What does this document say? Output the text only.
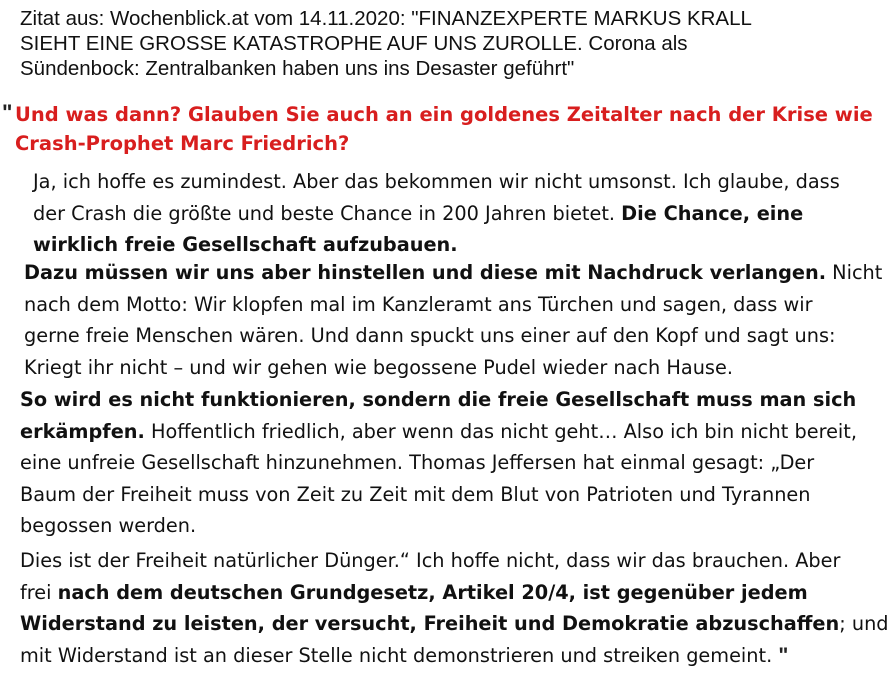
Zitat aus: Wochenblick.at vom 14.11.2020: "FINANZEXPERTE MARKUS KRALL
SIEHT EINE GROSSE KATASTROPHE AUF UNS ZUROLLE. Corona als
Sündenbock: Zentralbanken haben uns ins Desaster geführt"
" Und was dann? Glauben Sie auch an ein goldenes Zeitalter nach der Krise wie
Crash-Prophet Marc Friedrich?
Ja, ich hoffe es zumindest. Aber das bekommen wir nicht umsonst. Ich glaube, dass
der Crash die größte und beste Chance in 200 Jahren bietet. Die Chance, eine
wirklich freie Gesellschaft aufzubauen.
Dazu müssen wir uns aber hinstellen und diese mit Nachdruck verlangen. Nicht
nach dem Motto: Wir klopfen mal im Kanzleramt ans Türchen und sagen, dass wir
gerne freie Menschen wären. Und dann spuckt uns einer auf den Kopf und sagt uns:
Kriegt ihr nicht – und wir gehen wie begossene Pudel wieder nach Hause.
So wird es nicht funktionieren, sondern die freie Gesellschaft muss man sich
erkämpfen. Hoffentlich friedlich, aber wenn das nicht geht… Also ich bin nicht bereit,
eine unfreie Gesellschaft hinzunehmen. Thomas Jeffersen hat einmal gesagt: „Der
Baum der Freiheit muss von Zeit zu Zeit mit dem Blut von Patrioten und Tyrannen
begossen werden.
Dies ist der Freiheit natürlicher Dünger.“ Ich hoffe nicht, dass wir das brauchen. Aber
frei nach dem deutschen Grundgesetz, Artikel 20/4, ist gegenüber jedem
Widerstand zu leisten, der versucht, Freiheit und Demokratie abzuschaffen; und
mit Widerstand ist an dieser Stelle nicht demonstrieren und streiken gemeint. "
